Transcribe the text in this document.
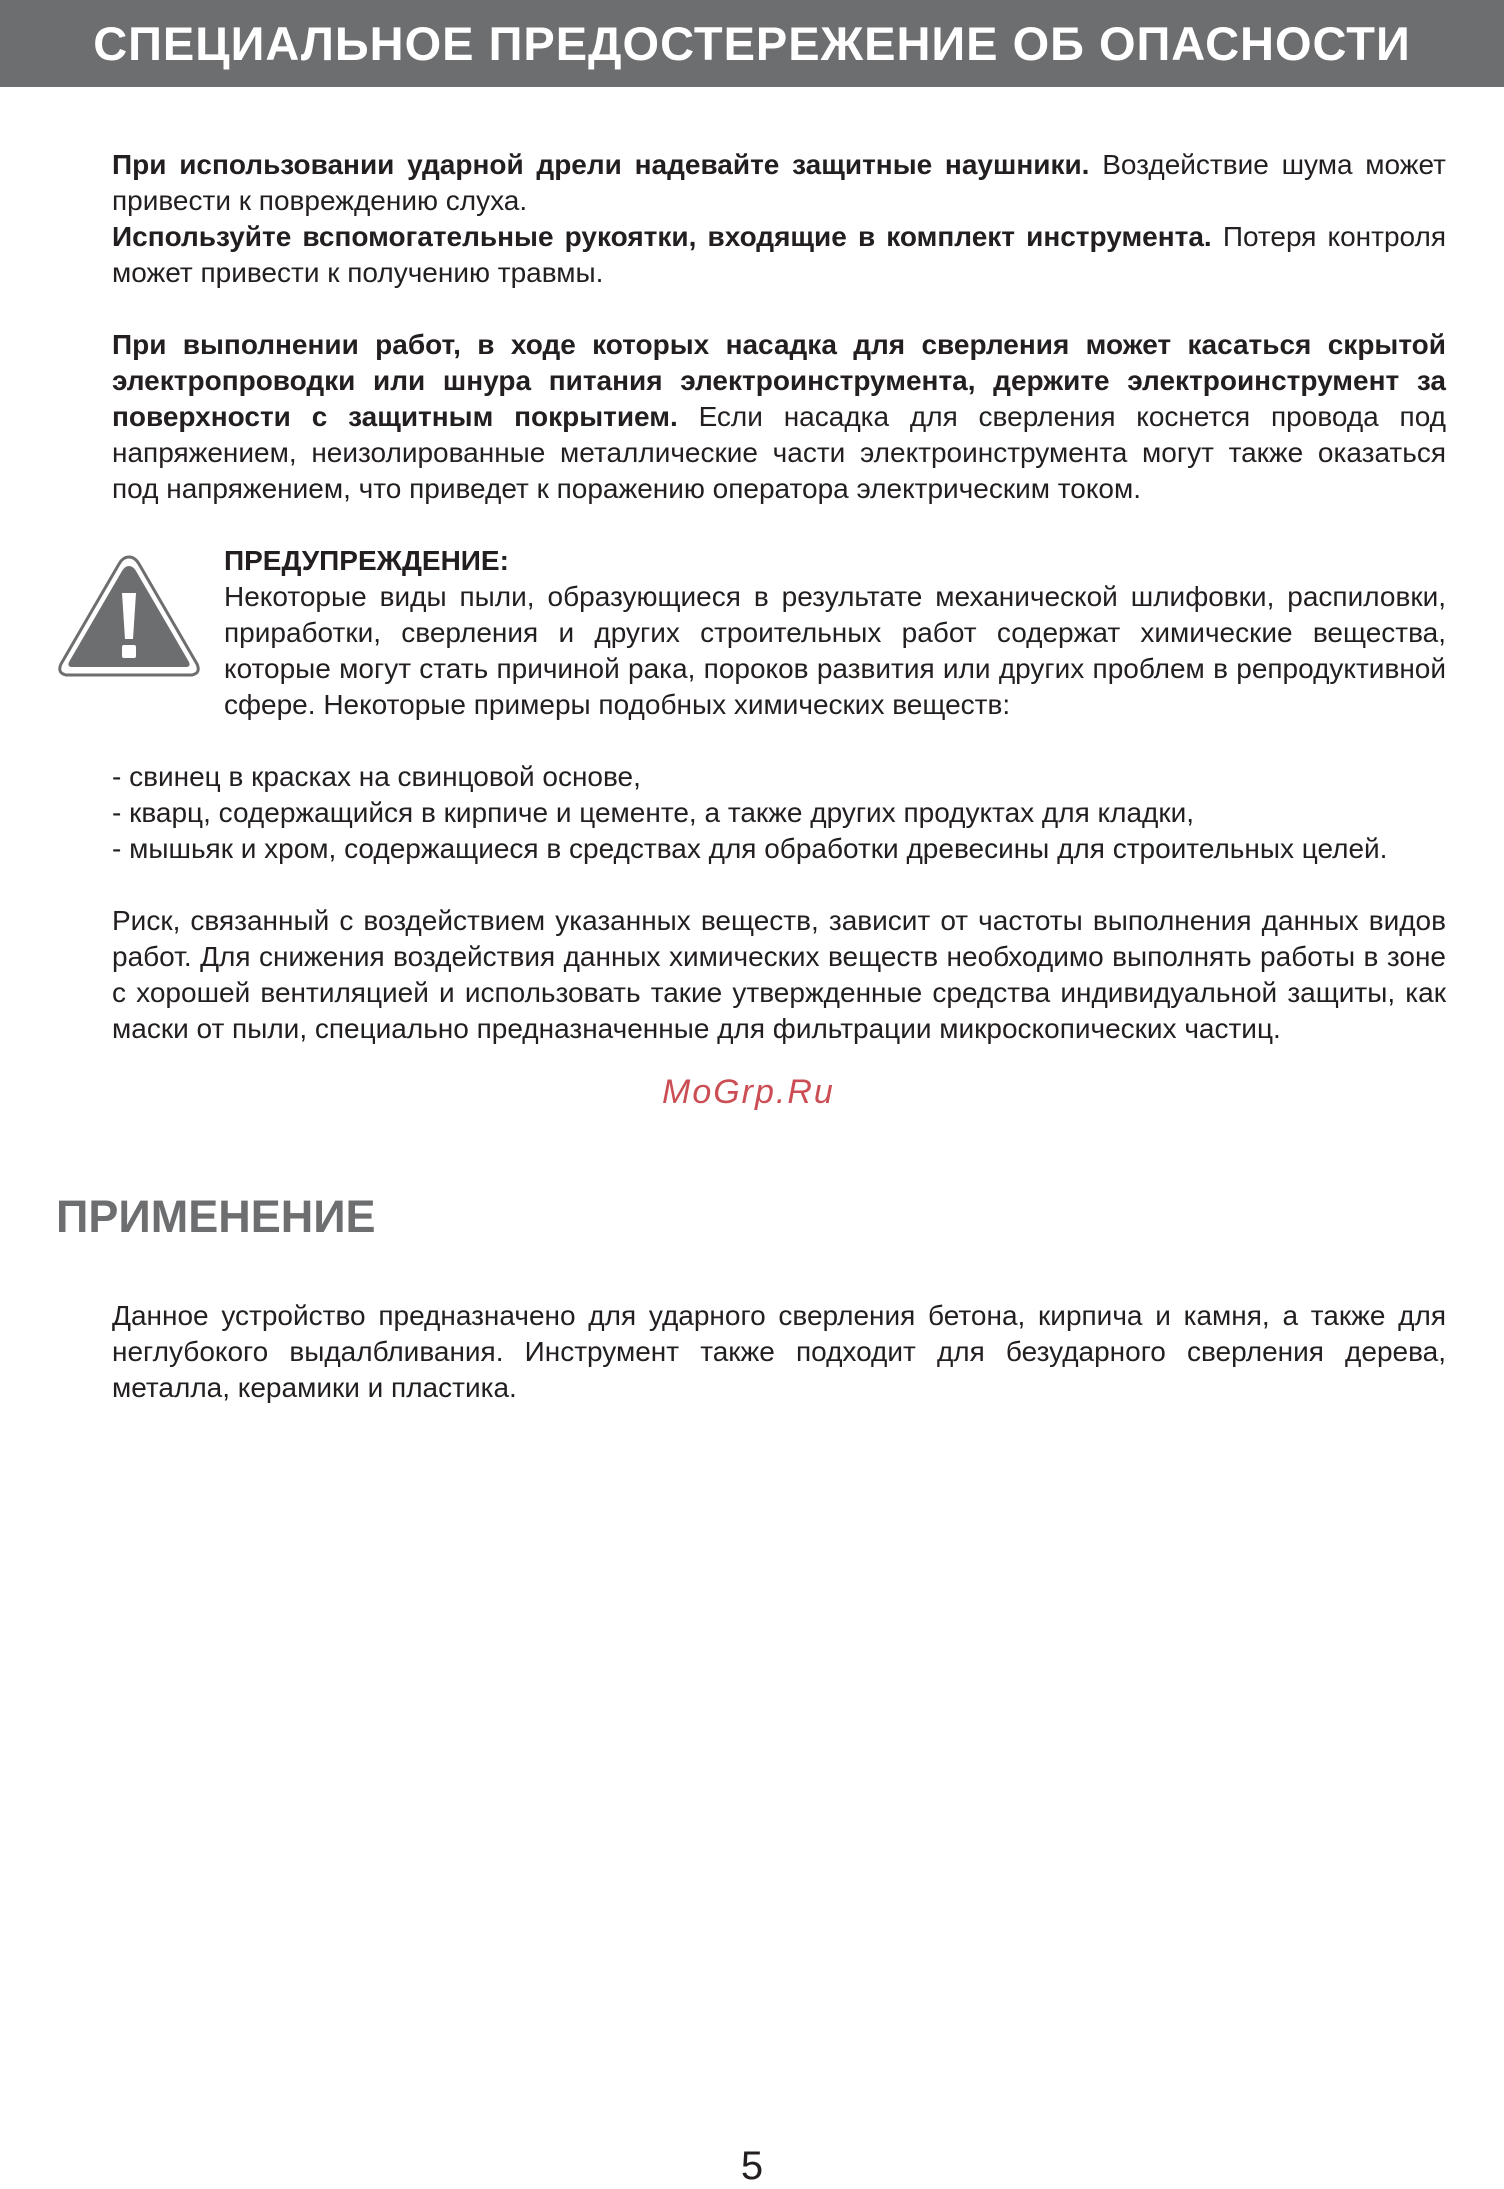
СПЕЦИАЛЬНОЕ ПРЕДОСТЕРЕЖЕНИЕ ОБ ОПАСНОСТИ

При использовании ударной дрели надевайте защитные наушники. Воздействие шума может привести к повреждению слуха.

Используйте вспомогательные рукоятки, входящие в комплект инструмента. Потеря контроля может привести к получению травмы.

При выполнении работ, в ходе которых насадка для сверления может касаться скрытой электропроводки или шнура питания электроинструмента, держите электроинструмент за поверхности с защитным покрытием. Если насадка для сверления коснется провода под напряжением, неизолированные металлические части электроинструмента могут также оказаться под напряжением, что приведет к поражению оператора электрическим током.

ПРЕДУПРЕЖДЕНИЕ:

Некоторые виды пыли, образующиеся в результате механической шлифовки, распиловки, приработки, сверления и других строительных работ содержат химические вещества, которые могут стать причиной рака, пороков развития или других проблем в репродуктивной сфере. Некоторые примеры подобных химических веществ:

- свинец в красках на свинцовой основе,

- кварц, содержащийся в кирпиче и цементе, а также других продуктах для кладки,

- мышьяк и хром, содержащиеся в средствах для обработки древесины для строительных целей.

Риск, связанный с воздействием указанных веществ, зависит от частоты выполнения данных видов работ. Для снижения воздействия данных химических веществ необходимо выполнять работы в зоне с хорошей вентиляцией и использовать такие утвержденные средства индивидуальной защиты, как маски от пыли, специально предназначенные для фильтрации микроскопических частиц.

MoGrp.Ru
ПРИМЕНЕНИЕ

Данное устройство предназначено для ударного сверления бетона, кирпича и камня, а также для неглубокого выдалбливания. Инструмент также подходит для безударного сверления дерева, металла, керамики и пластика.

5
